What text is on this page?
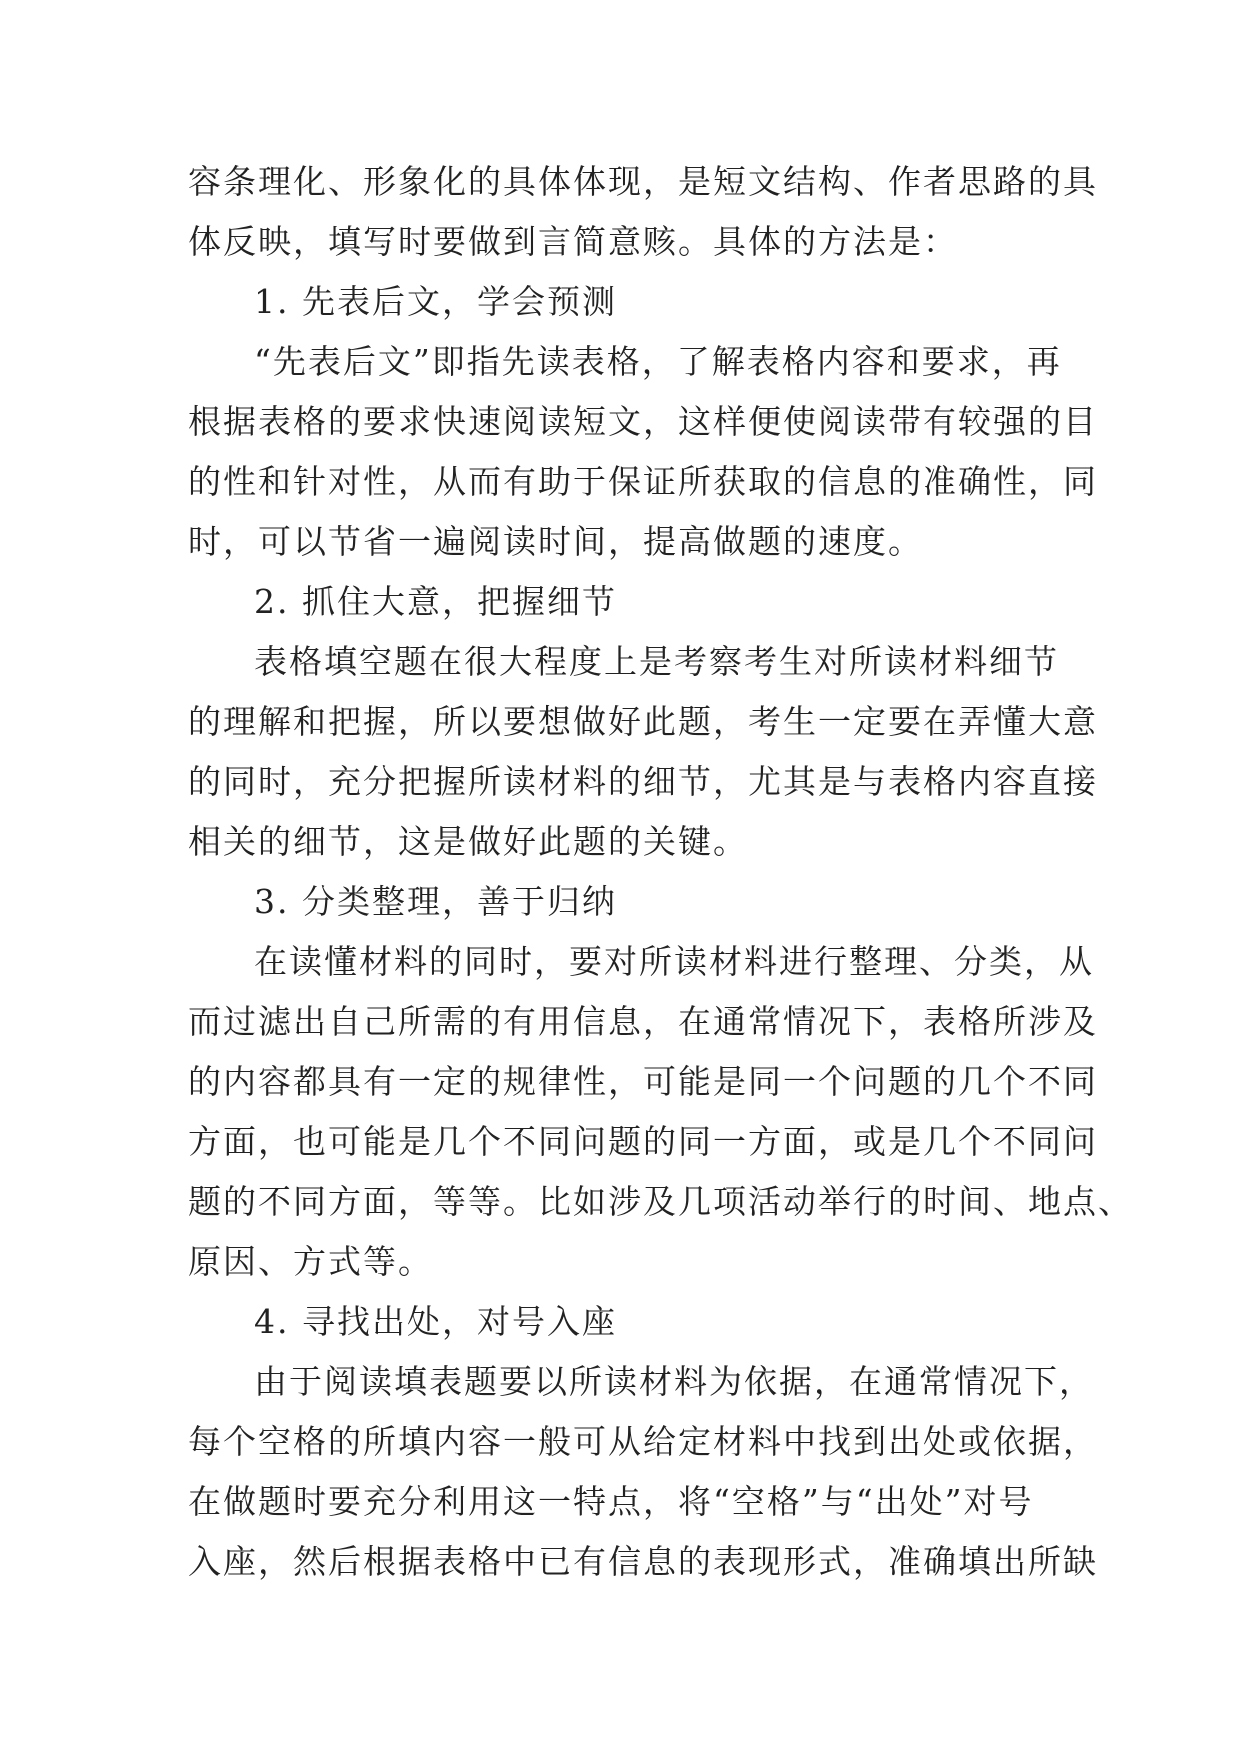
容条理化、形象化的具体体现，是短文结构、作者思路的具
体反映，填写时要做到言简意赅。具体的方法是：
1. 先表后文，学会预测
“先表后文”即指先读表格，了解表格内容和要求，再
根据表格的要求快速阅读短文，这样便使阅读带有较强的目
的性和针对性，从而有助于保证所获取的信息的准确性，同
时，可以节省一遍阅读时间，提高做题的速度。
2. 抓住大意，把握细节
表格填空题在很大程度上是考察考生对所读材料细节
的理解和把握，所以要想做好此题，考生一定要在弄懂大意
的同时，充分把握所读材料的细节，尤其是与表格内容直接
相关的细节，这是做好此题的关键。
3. 分类整理，善于归纳
在读懂材料的同时，要对所读材料进行整理、分类，从
而过滤出自己所需的有用信息，在通常情况下，表格所涉及
的内容都具有一定的规律性，可能是同一个问题的几个不同
方面，也可能是几个不同问题的同一方面，或是几个不同问
题的不同方面，等等。比如涉及几项活动举行的时间、地点、
原因、方式等。
4. 寻找出处，对号入座
由于阅读填表题要以所读材料为依据，在通常情况下，
每个空格的所填内容一般可从给定材料中找到出处或依据，
在做题时要充分利用这一特点，将“空格”与“出处”对号
入座，然后根据表格中已有信息的表现形式，准确填出所缺
